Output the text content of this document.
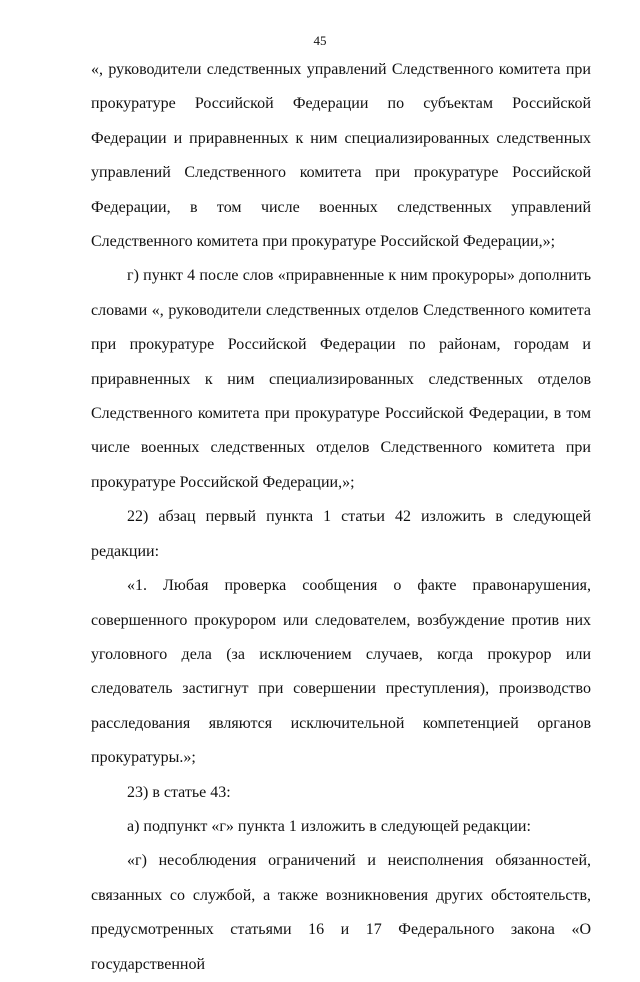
45

«, руководители следственных управлений Следственного комитета при прокуратуре Российской Федерации по субъектам Российской Федерации и приравненных к ним специализированных следственных управлений Следственного комитета при прокуратуре Российской Федерации, в том числе военных следственных управлений Следственного комитета при прокуратуре Российской Федерации,»;

г) пункт 4 после слов «приравненные к ним прокуроры» дополнить словами «, руководители следственных отделов Следственного комитета при прокуратуре Российской Федерации по районам, городам и приравненных к ним специализированных следственных отделов Следственного комитета при прокуратуре Российской Федерации, в том числе военных следственных отделов Следственного комитета при прокуратуре Российской Федерации,»;

22) абзац первый пункта 1 статьи 42 изложить в следующей редакции:

«1. Любая проверка сообщения о факте правонарушения, совершенного прокурором или следователем, возбуждение против них уголовного дела (за исключением случаев, когда прокурор или следователь застигнут при совершении преступления), производство расследования являются исключительной компетенцией органов прокуратуры.»;

23) в статье 43:

а) подпункт «г» пункта 1 изложить в следующей редакции:

«г) несоблюдения ограничений и неисполнения обязанностей, связанных со службой, а также возникновения других обстоятельств, предусмотренных статьями 16 и 17 Федерального закона «О государственной
